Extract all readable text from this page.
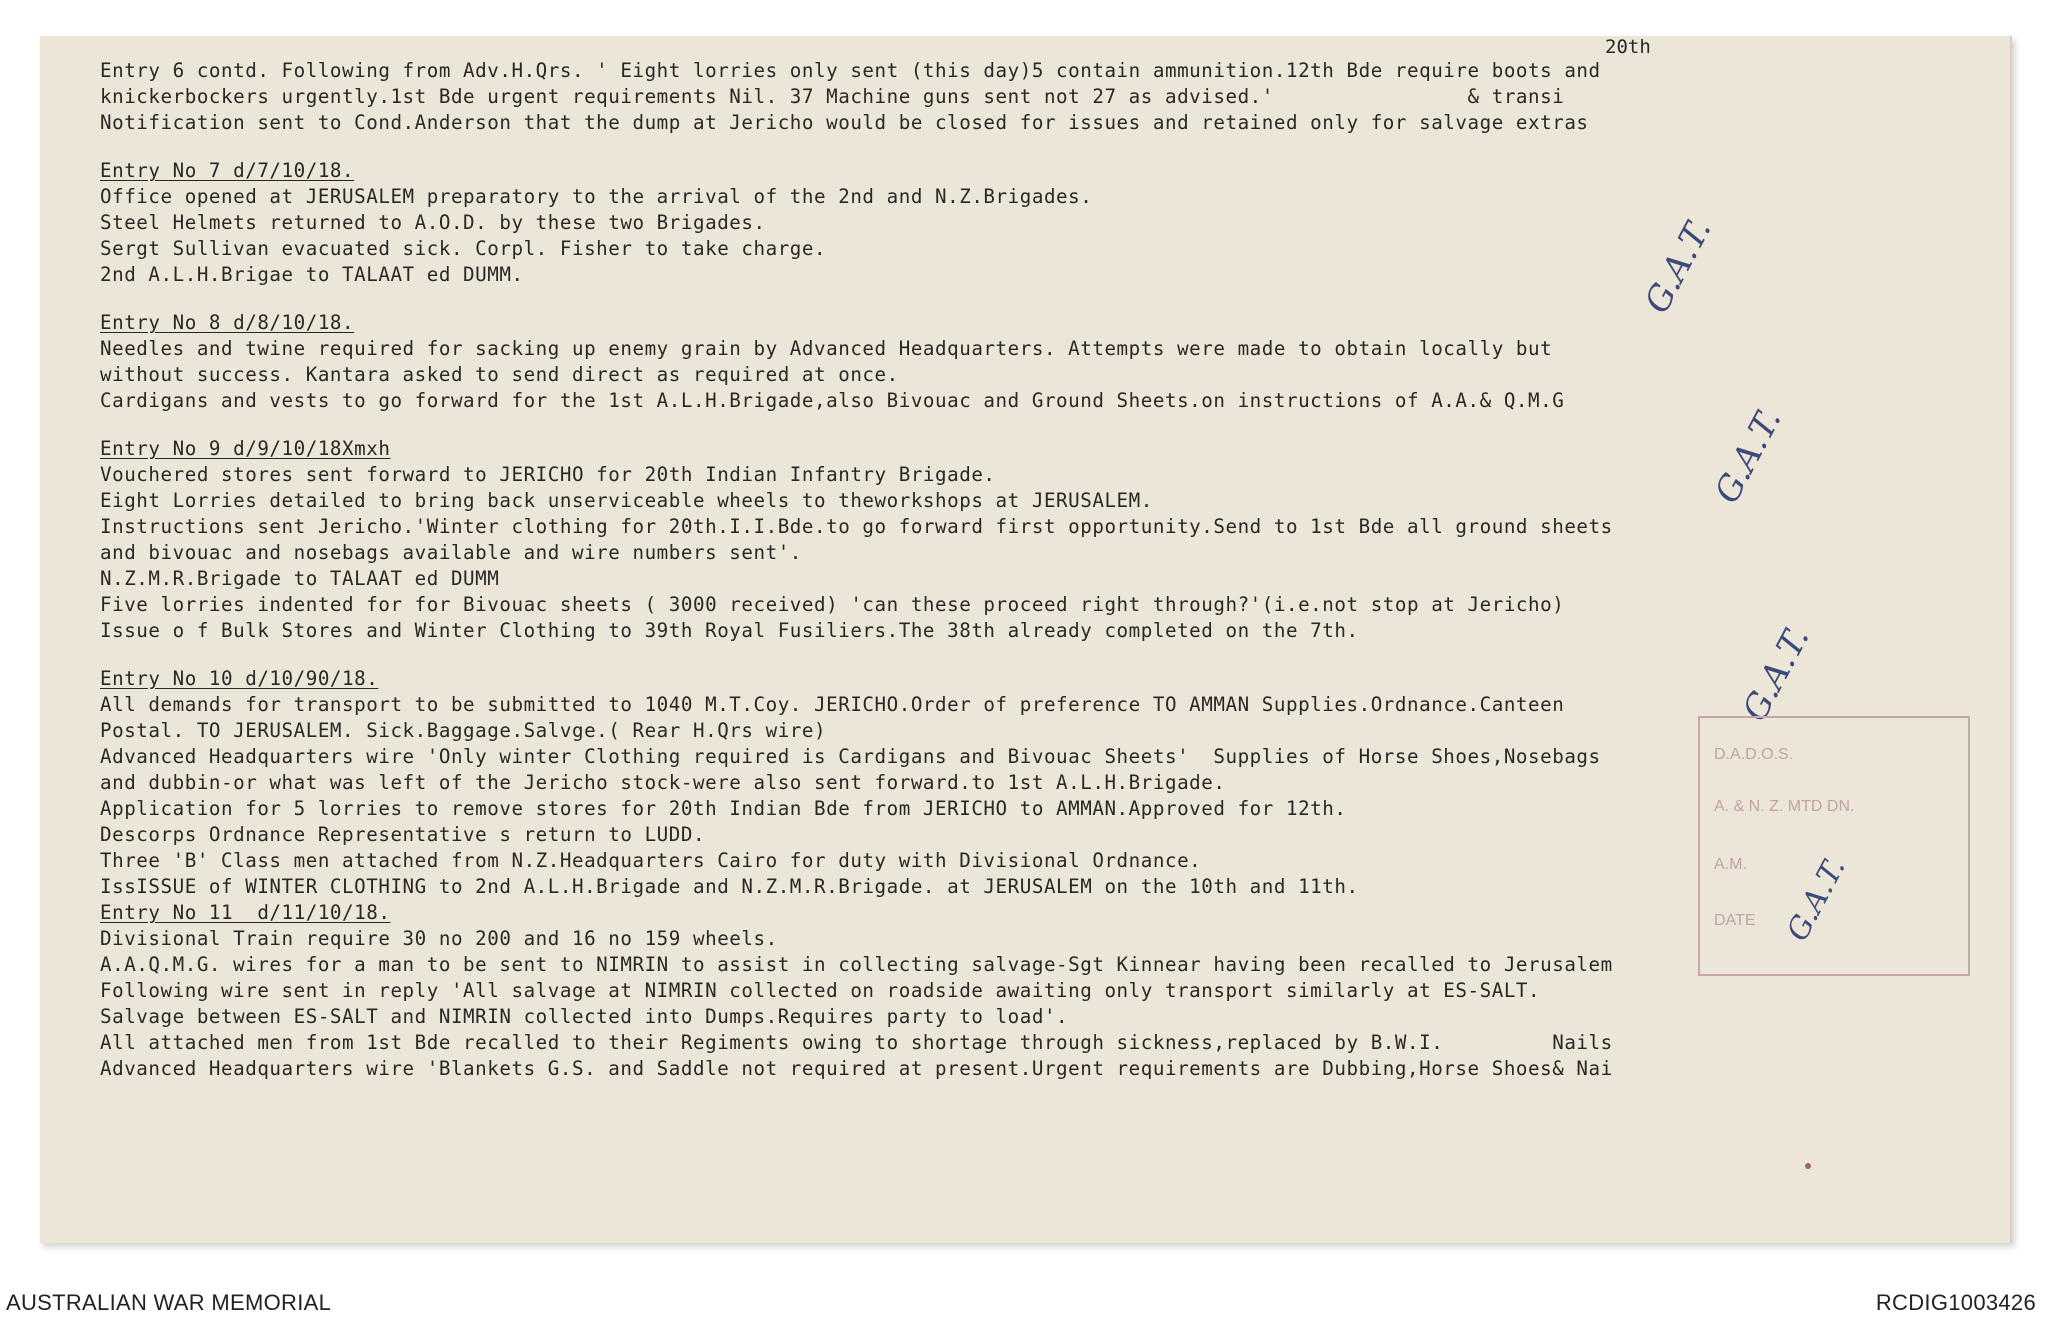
20th
Entry 6 contd. Following from Adv.H.Qrs. ' Eight lorries only sent (this day)5 contain ammunition.12th Bde require boots and
knickerbockers urgently.1st Bde urgent requirements Nil. 37 Machine guns sent not 27 as advised.'                & transi
Notification sent to Cond.Anderson that the dump at Jericho would be closed for issues and retained only for salvage extras
Entry No 7 d/7/10/18.
Office opened at JERUSALEM preparatory to the arrival of the 2nd and N.Z.Brigades.
Steel Helmets returned to A.O.D. by these two Brigades.
Sergt Sullivan evacuated sick. Corpl. Fisher to take charge.
2nd A.L.H.Brigae to TALAAT ed DUMM.
Entry No 8 d/8/10/18.
Needles and twine required for sacking up enemy grain by Advanced Headquarters. Attempts were made to obtain locally but
without success. Kantara asked to send direct as required at once.
Cardigans and vests to go forward for the 1st A.L.H.Brigade,also Bivouac and Ground Sheets.on instructions of A.A.& Q.M.G
Entry No 9 d/9/10/18Xmxh
Vouchered stores sent forward to JERICHO for 20th Indian Infantry Brigade.
Eight Lorries detailed to bring back unserviceable wheels to theworkshops at JERUSALEM.
Instructions sent Jericho.'Winter clothing for 20th.I.I.Bde.to go forward first opportunity.Send to 1st Bde all ground sheets
and bivouac and nosebags available and wire numbers sent'.
N.Z.M.R.Brigade to TALAAT ed DUMM
Five lorries indented for for Bivouac sheets ( 3000 received) 'can these proceed right through?'(i.e.not stop at Jericho)
Issue o f Bulk Stores and Winter Clothing to 39th Royal Fusiliers.The 38th already completed on the 7th.
Entry No 10 d/10/90/18.
All demands for transport to be submitted to 1040 M.T.Coy. JERICHO.Order of preference TO AMMAN Supplies.Ordnance.Canteen
Postal. TO JERUSALEM. Sick.Baggage.Salvge.( Rear H.Qrs wire)
Advanced Headquarters wire 'Only winter Clothing required is Cardigans and Bivouac Sheets'  Supplies of Horse Shoes,Nosebags
and dubbin-or what was left of the Jericho stock-were also sent forward.to 1st A.L.H.Brigade.
Application for 5 lorries to remove stores for 20th Indian Bde from JERICHO to AMMAN.Approved for 12th.
Descorps Ordnance Representative s return to LUDD.
Three 'B' Class men attached from N.Z.Headquarters Cairo for duty with Divisional Ordnance.
IssISSUE of WINTER CLOTHING to 2nd A.L.H.Brigade and N.Z.M.R.Brigade. at JERUSALEM on the 10th and 11th.
Entry No 11  d/11/10/18.
Divisional Train require 30 no 200 and 16 no 159 wheels.
A.A.Q.M.G. wires for a man to be sent to NIMRIN to assist in collecting salvage-Sgt Kinnear having been recalled to Jerusalem
Following wire sent in reply 'All salvage at NIMRIN collected on roadside awaiting only transport similarly at ES-SALT.
Salvage between ES-SALT and NIMRIN collected into Dumps.Requires party to load'.
All attached men from 1st Bde recalled to their Regiments owing to shortage through sickness,replaced by B.W.I.         Nails
Advanced Headquarters wire 'Blankets G.S. and Saddle not required at present.Urgent requirements are Dubbing,Horse Shoes& Nai
G.A.T.
G.A.T.
G.A.T.
D.A.D.O.S.
A. & N. Z. MTD DN.
A.M.
DATE G.A.T.
AUSTRALIAN WAR MEMORIAL	RCDIG1003426
